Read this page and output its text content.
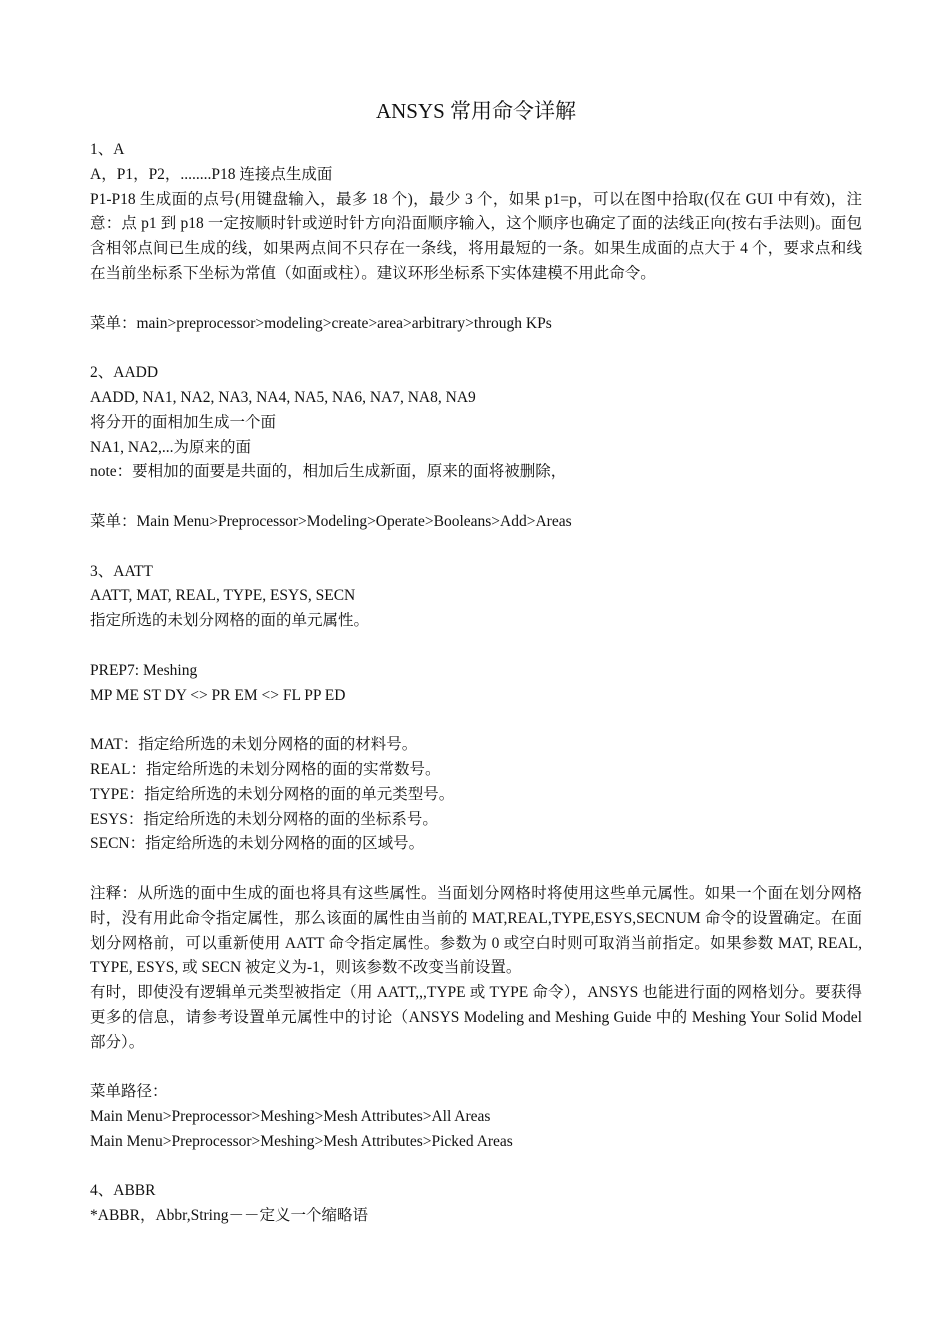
ANSYS 常用命令详解
1、A
A，P1，P2，........P18 连接点生成面
P1-P18 生成面的点号(用键盘输入，最多 18 个)，最少 3 个，如果 p1=p，可以在图中拾取(仅在 GUI 中有效)，注意：点 p1 到 p18 一定按顺时针或逆时针方向沿面顺序输入，这个顺序也确定了面的法线正向(按右手法则)。面包含相邻点间已生成的线，如果两点间不只存在一条线，将用最短的一条。如果生成面的点大于 4 个，要求点和线在当前坐标系下坐标为常值（如面或柱）。建议环形坐标系下实体建模不用此命令。
菜单：main>preprocessor>modeling>create>area>arbitrary>through KPs
2、AADD
AADD, NA1, NA2, NA3, NA4, NA5, NA6, NA7, NA8, NA9
将分开的面相加生成一个面
NA1, NA2,...为原来的面
note：要相加的面要是共面的，相加后生成新面，原来的面将被删除，
菜单：Main Menu>Preprocessor>Modeling>Operate>Booleans>Add>Areas
3、AATT
AATT, MAT, REAL, TYPE, ESYS, SECN
指定所选的未划分网格的面的单元属性。
PREP7: Meshing
MP ME ST DY <> PR EM <> FL PP ED
MAT：指定给所选的未划分网格的面的材料号。
REAL：指定给所选的未划分网格的面的实常数号。
TYPE：指定给所选的未划分网格的面的单元类型号。
ESYS：指定给所选的未划分网格的面的坐标系号。
SECN：指定给所选的未划分网格的面的区域号。
注释：从所选的面中生成的面也将具有这些属性。当面划分网格时将使用这些单元属性。如果一个面在划分网格时，没有用此命令指定属性，那么该面的属性由当前的 MAT,REAL,TYPE,ESYS,SECNUM 命令的设置确定。在面划分网格前，可以重新使用 AATT 命令指定属性。参数为 0 或空白时则可取消当前指定。如果参数 MAT, REAL, TYPE, ESYS, 或 SECN 被定义为-1，则该参数不改变当前设置。
有时，即使没有逻辑单元类型被指定（用 AATT,,,TYPE 或 TYPE 命令），ANSYS 也能进行面的网格划分。要获得更多的信息，请参考设置单元属性中的讨论（ANSYS Modeling and Meshing Guide 中的 Meshing Your Solid Model 部分）。
菜单路径：
Main Menu>Preprocessor>Meshing>Mesh Attributes>All Areas
Main Menu>Preprocessor>Meshing>Mesh Attributes>Picked Areas
4、ABBR
*ABBR，Abbr,String－－定义一个缩略语
